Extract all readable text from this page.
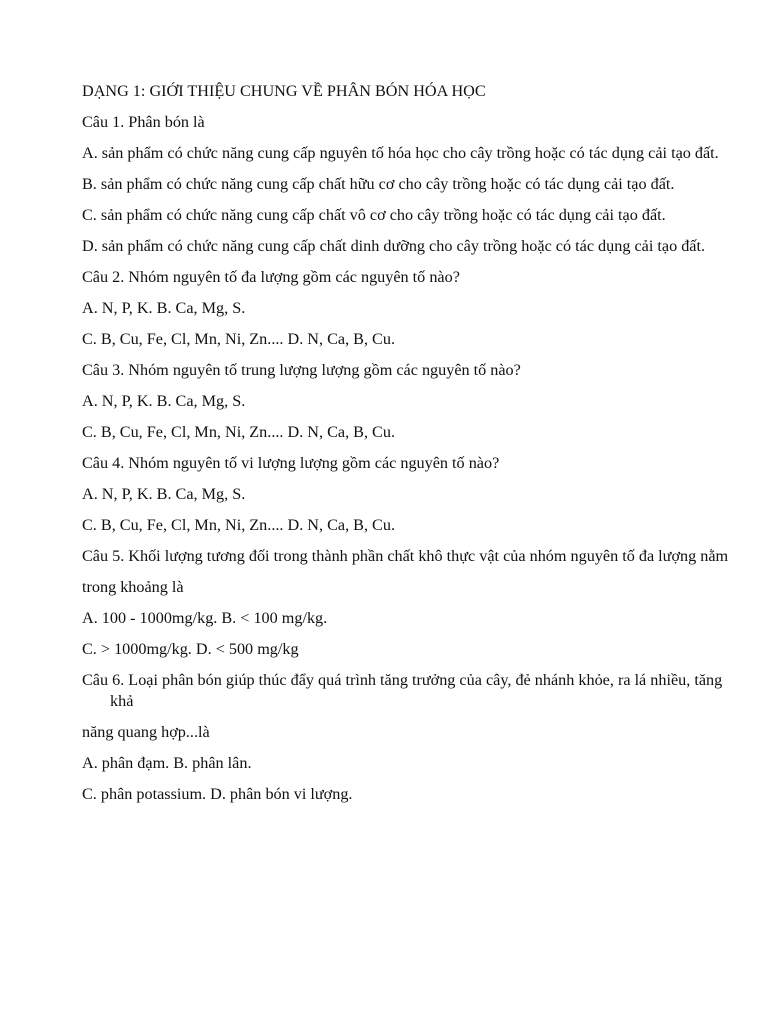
DẠNG 1: GIỚI THIỆU CHUNG VỀ PHÂN BÓN HÓA HỌC

Câu 1. Phân bón là

A. sản phẩm có chức năng cung cấp nguyên tố hóa học cho cây trồng hoặc có tác dụng cải tạo đất.

B. sản phẩm có chức năng cung cấp chất hữu cơ cho cây trồng hoặc có tác dụng cải tạo đất.

C. sản phẩm có chức năng cung cấp chất vô cơ cho cây trồng hoặc có tác dụng cải tạo đất.

D. sản phẩm có chức năng cung cấp chất dinh dưỡng cho cây trồng hoặc có tác dụng cải tạo đất.

Câu 2. Nhóm nguyên tố đa lượng gồm các nguyên tố nào?

A. N, P, K. B. Ca, Mg, S.

C. B, Cu, Fe, Cl, Mn, Ni, Zn.... D. N, Ca, B, Cu.

Câu 3. Nhóm nguyên tố trung lượng lượng gồm các nguyên tố nào?

A. N, P, K. B. Ca, Mg, S.

C. B, Cu, Fe, Cl, Mn, Ni, Zn.... D. N, Ca, B, Cu.

Câu 4. Nhóm nguyên tố vi lượng lượng gồm các nguyên tố nào?

A. N, P, K. B. Ca, Mg, S.

C. B, Cu, Fe, Cl, Mn, Ni, Zn.... D. N, Ca, B, Cu.

Câu 5. Khối lượng tương đối trong thành phần chất khô thực vật của nhóm nguyên tố đa lượng nằm

trong khoảng là

A. 100 - 1000mg/kg. B. < 100 mg/kg.

C. > 1000mg/kg. D. < 500 mg/kg

Câu 6. Loại phân bón giúp thúc đẩy quá trình tăng trưởng của cây, đẻ nhánh khỏe, ra lá nhiều, tăng khả

năng quang hợp...là

A. phân đạm. B. phân lân.

C. phân potassium. D. phân bón vi lượng.
